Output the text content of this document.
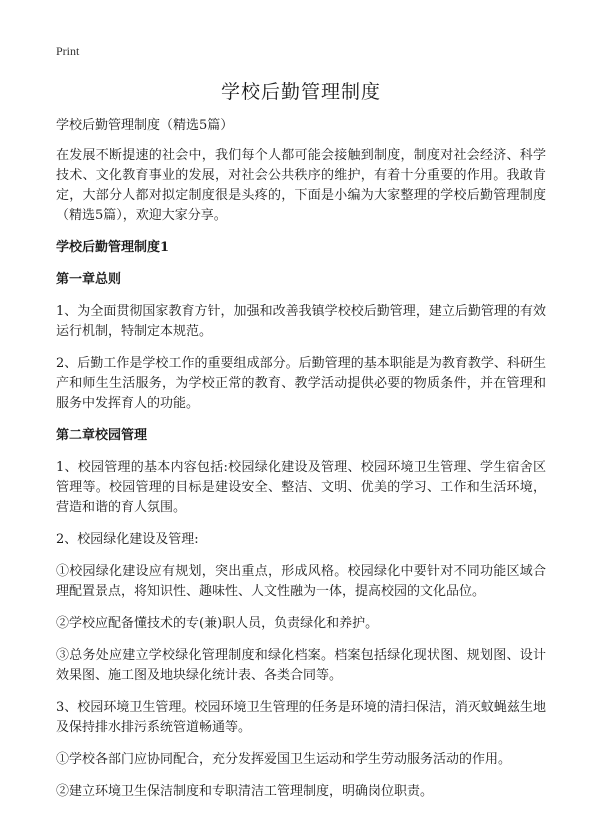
Print
学校后勤管理制度
学校后勤管理制度（精选5篇）

在发展不断提速的社会中，我们每个人都可能会接触到制度，制度对社会经济、科学技术、文化教育事业的发展，对社会公共秩序的维护，有着十分重要的作用。我敢肯定，大部分人都对拟定制度很是头疼的，下面是小编为大家整理的学校后勤管理制度（精选5篇），欢迎大家分享。

学校后勤管理制度1
第一章总则

1、为全面贯彻国家教育方针，加强和改善我镇学校校后勤管理，建立后勤管理的有效运行机制，特制定本规范。

2、后勤工作是学校工作的重要组成部分。后勤管理的基本职能是为教育教学、科研生产和师生生活服务，为学校正常的教育、教学活动提供必要的物质条件，并在管理和服务中发挥育人的功能。

第二章校园管理

1、校园管理的基本内容包括:校园绿化建设及管理、校园环境卫生管理、学生宿舍区管理等。校园管理的目标是建设安全、整洁、文明、优美的学习、工作和生活环境，营造和谐的育人氛围。

2、校园绿化建设及管理:

①校园绿化建设应有规划，突出重点，形成风格。校园绿化中要针对不同功能区域合理配置景点，将知识性、趣味性、人文性融为一体，提高校园的文化品位。

②学校应配备懂技术的专(兼)职人员，负责绿化和养护。

③总务处应建立学校绿化管理制度和绿化档案。档案包括绿化现状图、规划图、设计效果图、施工图及地块绿化统计表、各类合同等。

3、校园环境卫生管理。校园环境卫生管理的任务是环境的清扫保洁，消灭蚊蝇兹生地及保持排水排污系统管道畅通等。

①学校各部门应协同配合，充分发挥爱国卫生运动和学生劳动服务活动的作用。

②建立环境卫生保洁制度和专职清洁工管理制度，明确岗位职责。
